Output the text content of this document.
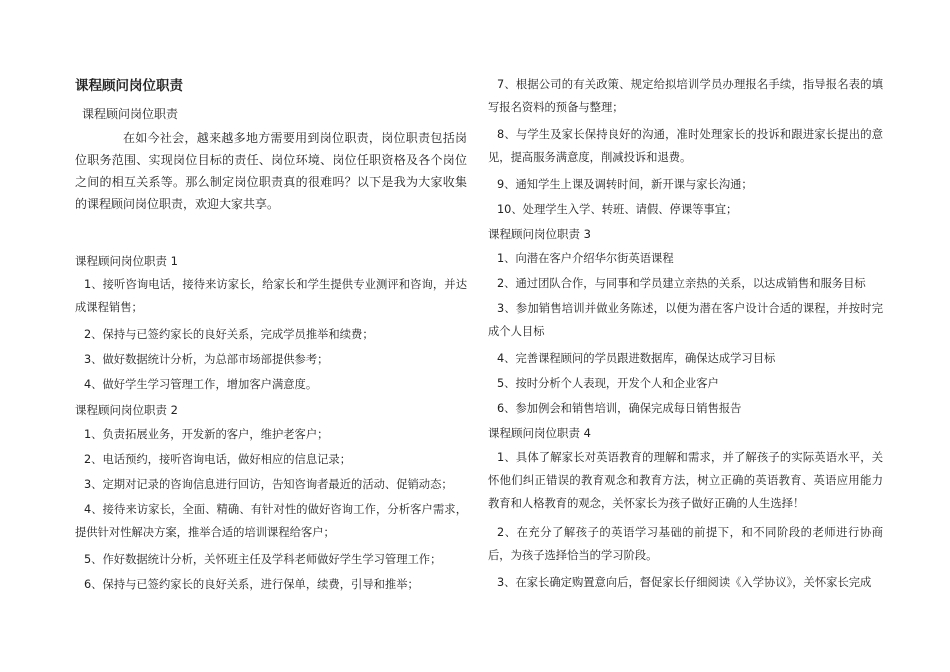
课程顾问岗位职责
课程顾问岗位职责

在如今社会，越来越多地方需要用到岗位职责，岗位职责包括岗位职务范围、实现岗位目标的责任、岗位环境、岗位任职资格及各个岗位之间的相互关系等。那么制定岗位职责真的很难吗？以下是我为大家收集的课程顾问岗位职责，欢迎大家共享。

课程顾问岗位职责 1

1、接听咨询电话，接待来访家长，给家长和学生提供专业测评和咨询，并达成课程销售；

2、保持与已签约家长的良好关系，完成学员推举和续费；

3、做好数据统计分析，为总部市场部提供参考；

4、做好学生学习管理工作，增加客户满意度。

课程顾问岗位职责 2

1、负责拓展业务，开发新的客户，维护老客户；

2、电话预约，接听咨询电话，做好相应的信息记录；

3、定期对记录的咨询信息进行回访，告知咨询者最近的活动、促销动态；

4、接待来访家长，全面、精确、有针对性的做好咨询工作，分析客户需求，提供针对性解决方案，推举合适的培训课程给客户；

5、作好数据统计分析，关怀班主任及学科老师做好学生学习管理工作；

6、保持与已签约家长的良好关系，进行保单，续费，引导和推举；

7、根据公司的有关政策、规定给拟培训学员办理报名手续，指导报名表的填写报名资料的预备与整理；

8、与学生及家长保持良好的沟通，准时处理家长的投诉和跟进家长提出的意见，提高服务满意度，削减投诉和退费。

9、通知学生上课及调转时间，新开课与家长沟通；

10、处理学生入学、转班、请假、停课等事宜；

课程顾问岗位职责 3

1、向潜在客户介绍华尔街英语课程

2、通过团队合作，与同事和学员建立亲热的关系，以达成销售和服务目标

3、参加销售培训并做业务陈述，以便为潜在客户设计合适的课程，并按时完成个人目标

4、完善课程顾问的学员跟进数据库，确保达成学习目标

5、按时分析个人表现，开发个人和企业客户

6、参加例会和销售培训，确保完成每日销售报告

课程顾问岗位职责 4

1、具体了解家长对英语教育的理解和需求，并了解孩子的实际英语水平，关怀他们纠正错误的教育观念和教育方法，树立正确的英语教育、英语应用能力教育和人格教育的观念，关怀家长为孩子做好正确的人生选择！

2、在充分了解孩子的英语学习基础的前提下，和不同阶段的老师进行协商后，为孩子选择恰当的学习阶段。

3、在家长确定购置意向后，督促家长仔细阅读《入学协议》，关怀家长完成
